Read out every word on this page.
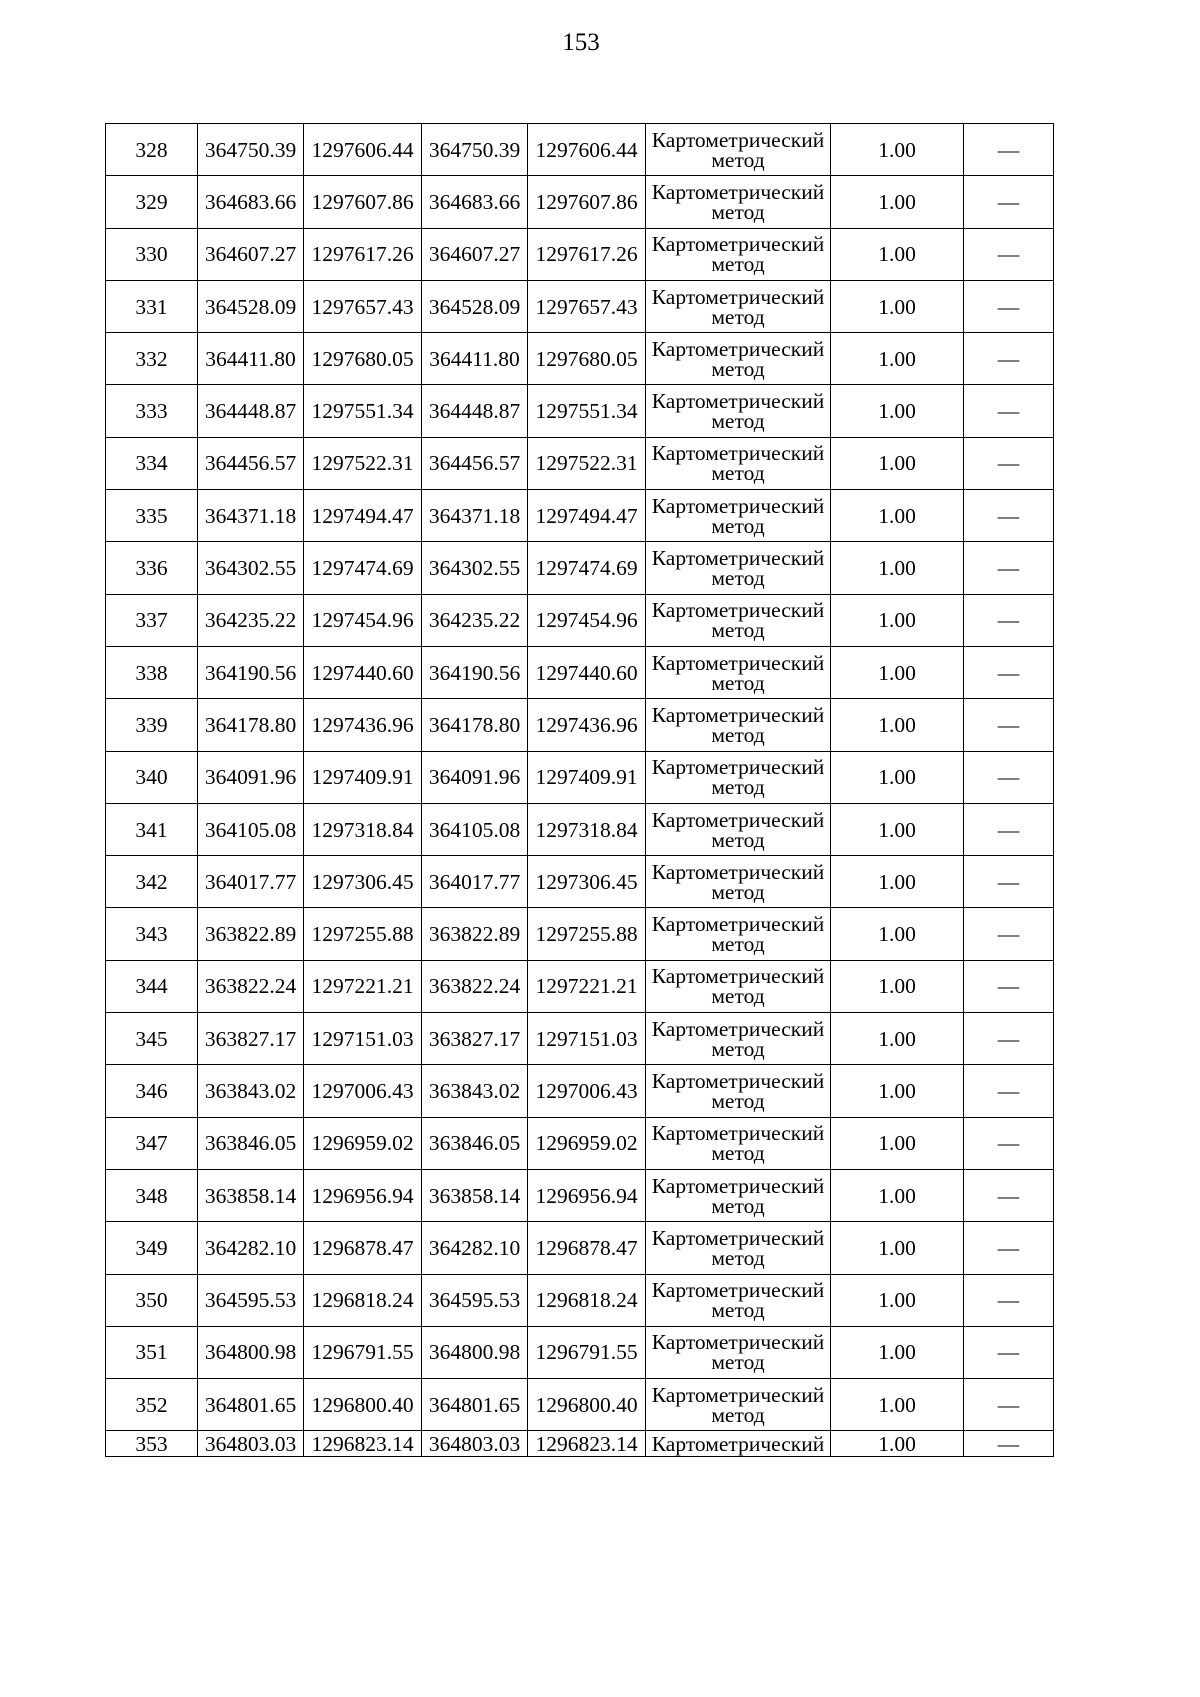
153
328	364750.39	1297606.44	364750.39	1297606.44	Картометрический
метод	1.00	—
329	364683.66	1297607.86	364683.66	1297607.86	Картометрический
метод	1.00	—
330	364607.27	1297617.26	364607.27	1297617.26	Картометрический
метод	1.00	—
331	364528.09	1297657.43	364528.09	1297657.43	Картометрический
метод	1.00	—
332	364411.80	1297680.05	364411.80	1297680.05	Картометрический
метод	1.00	—
333	364448.87	1297551.34	364448.87	1297551.34	Картометрический
метод	1.00	—
334	364456.57	1297522.31	364456.57	1297522.31	Картометрический
метод	1.00	—
335	364371.18	1297494.47	364371.18	1297494.47	Картометрический
метод	1.00	—
336	364302.55	1297474.69	364302.55	1297474.69	Картометрический
метод	1.00	—
337	364235.22	1297454.96	364235.22	1297454.96	Картометрический
метод	1.00	—
338	364190.56	1297440.60	364190.56	1297440.60	Картометрический
метод	1.00	—
339	364178.80	1297436.96	364178.80	1297436.96	Картометрический
метод	1.00	—
340	364091.96	1297409.91	364091.96	1297409.91	Картометрический
метод	1.00	—
341	364105.08	1297318.84	364105.08	1297318.84	Картометрический
метод	1.00	—
342	364017.77	1297306.45	364017.77	1297306.45	Картометрический
метод	1.00	—
343	363822.89	1297255.88	363822.89	1297255.88	Картометрический
метод	1.00	—
344	363822.24	1297221.21	363822.24	1297221.21	Картометрический
метод	1.00	—
345	363827.17	1297151.03	363827.17	1297151.03	Картометрический
метод	1.00	—
346	363843.02	1297006.43	363843.02	1297006.43	Картометрический
метод	1.00	—
347	363846.05	1296959.02	363846.05	1296959.02	Картометрический
метод	1.00	—
348	363858.14	1296956.94	363858.14	1296956.94	Картометрический
метод	1.00	—
349	364282.10	1296878.47	364282.10	1296878.47	Картометрический
метод	1.00	—
350	364595.53	1296818.24	364595.53	1296818.24	Картометрический
метод	1.00	—
351	364800.98	1296791.55	364800.98	1296791.55	Картометрический
метод	1.00	—
352	364801.65	1296800.40	364801.65	1296800.40	Картометрический
метод	1.00	—
353	364803.03	1296823.14	364803.03	1296823.14	Картометрический	1.00	—
